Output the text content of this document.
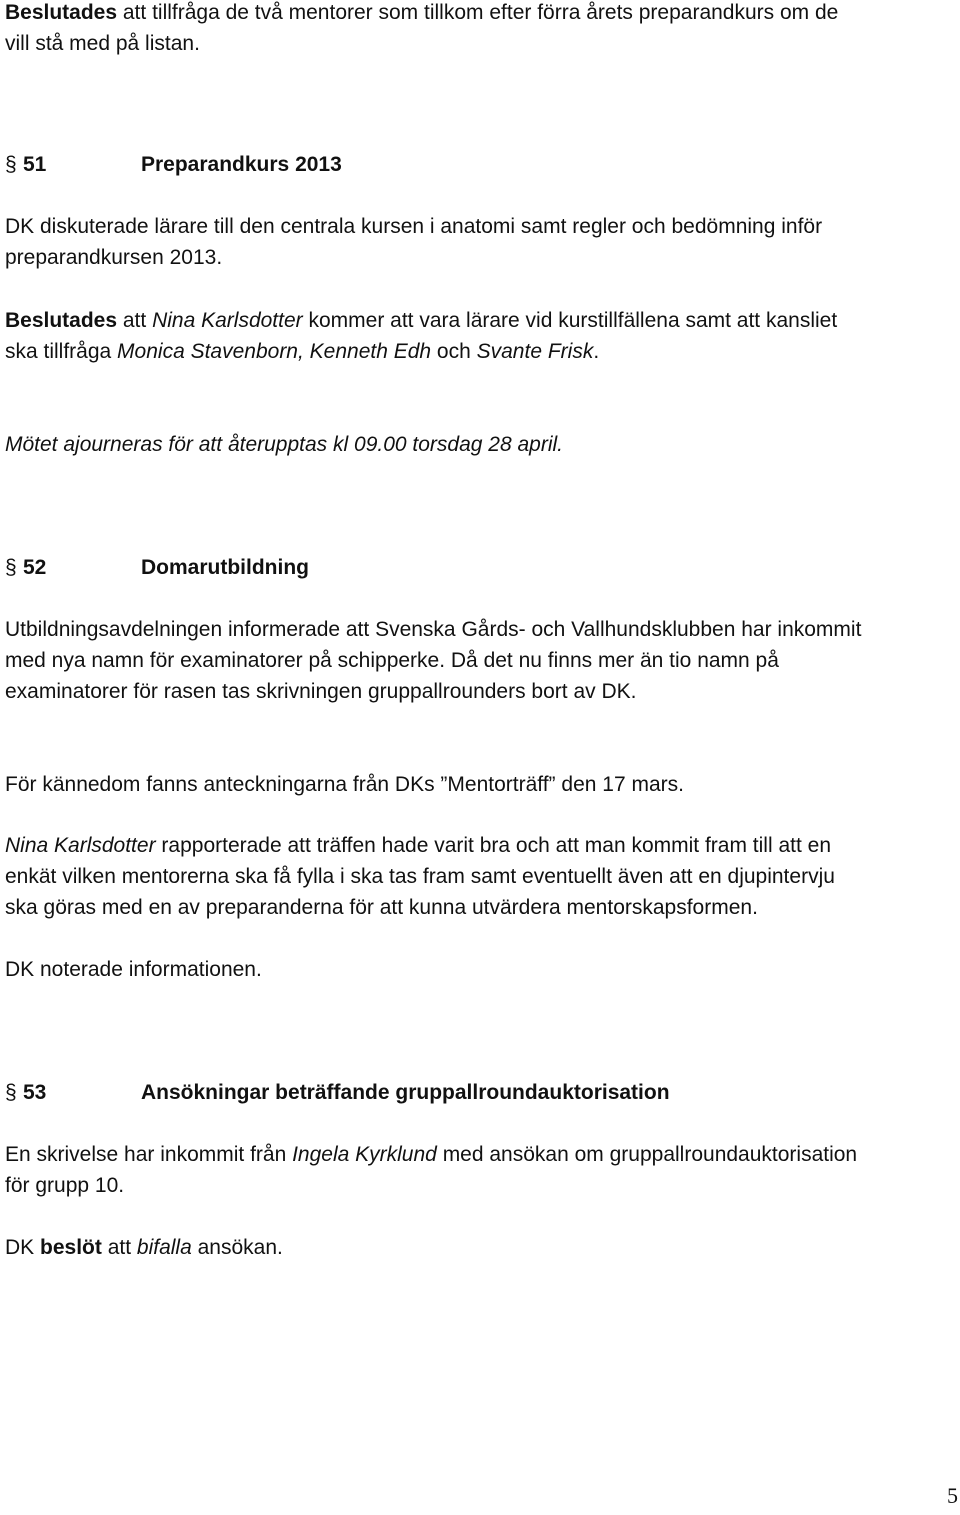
Beslutades att tillfråga de två mentorer som tillkom efter förra årets preparandkurs om de
vill stå med på listan.
§ 51	Preparandkurs 2013
DK diskuterade lärare till den centrala kursen i anatomi samt regler och bedömning inför
preparandkursen 2013.
Beslutades att Nina Karlsdotter kommer att vara lärare vid kurstillfällena samt att kansliet
ska tillfråga Monica Stavenborn, Kenneth Edh och Svante Frisk.
Mötet ajourneras för att återupptas kl 09.00 torsdag 28 april.
§ 52	Domarutbildning
Utbildningsavdelningen informerade att Svenska Gårds- och Vallhundsklubben har inkommit
med nya namn för examinatorer på schipperke. Då det nu finns mer än tio namn på
examinatorer för rasen tas skrivningen gruppallrounders bort av DK.
För kännedom fanns anteckningarna från DKs ”Mentorträff” den 17 mars.
Nina Karlsdotter rapporterade att träffen hade varit bra och att man kommit fram till att en
enkät vilken mentorerna ska få fylla i ska tas fram samt eventuellt även att en djupintervju
ska göras med en av preparanderna för att kunna utvärdera mentorskapsformen.
DK noterade informationen.
§ 53	Ansökningar beträffande gruppallroundauktorisation
En skrivelse har inkommit från Ingela Kyrklund med ansökan om gruppallroundauktorisation
för grupp 10.
DK beslöt att bifalla ansökan.
5
